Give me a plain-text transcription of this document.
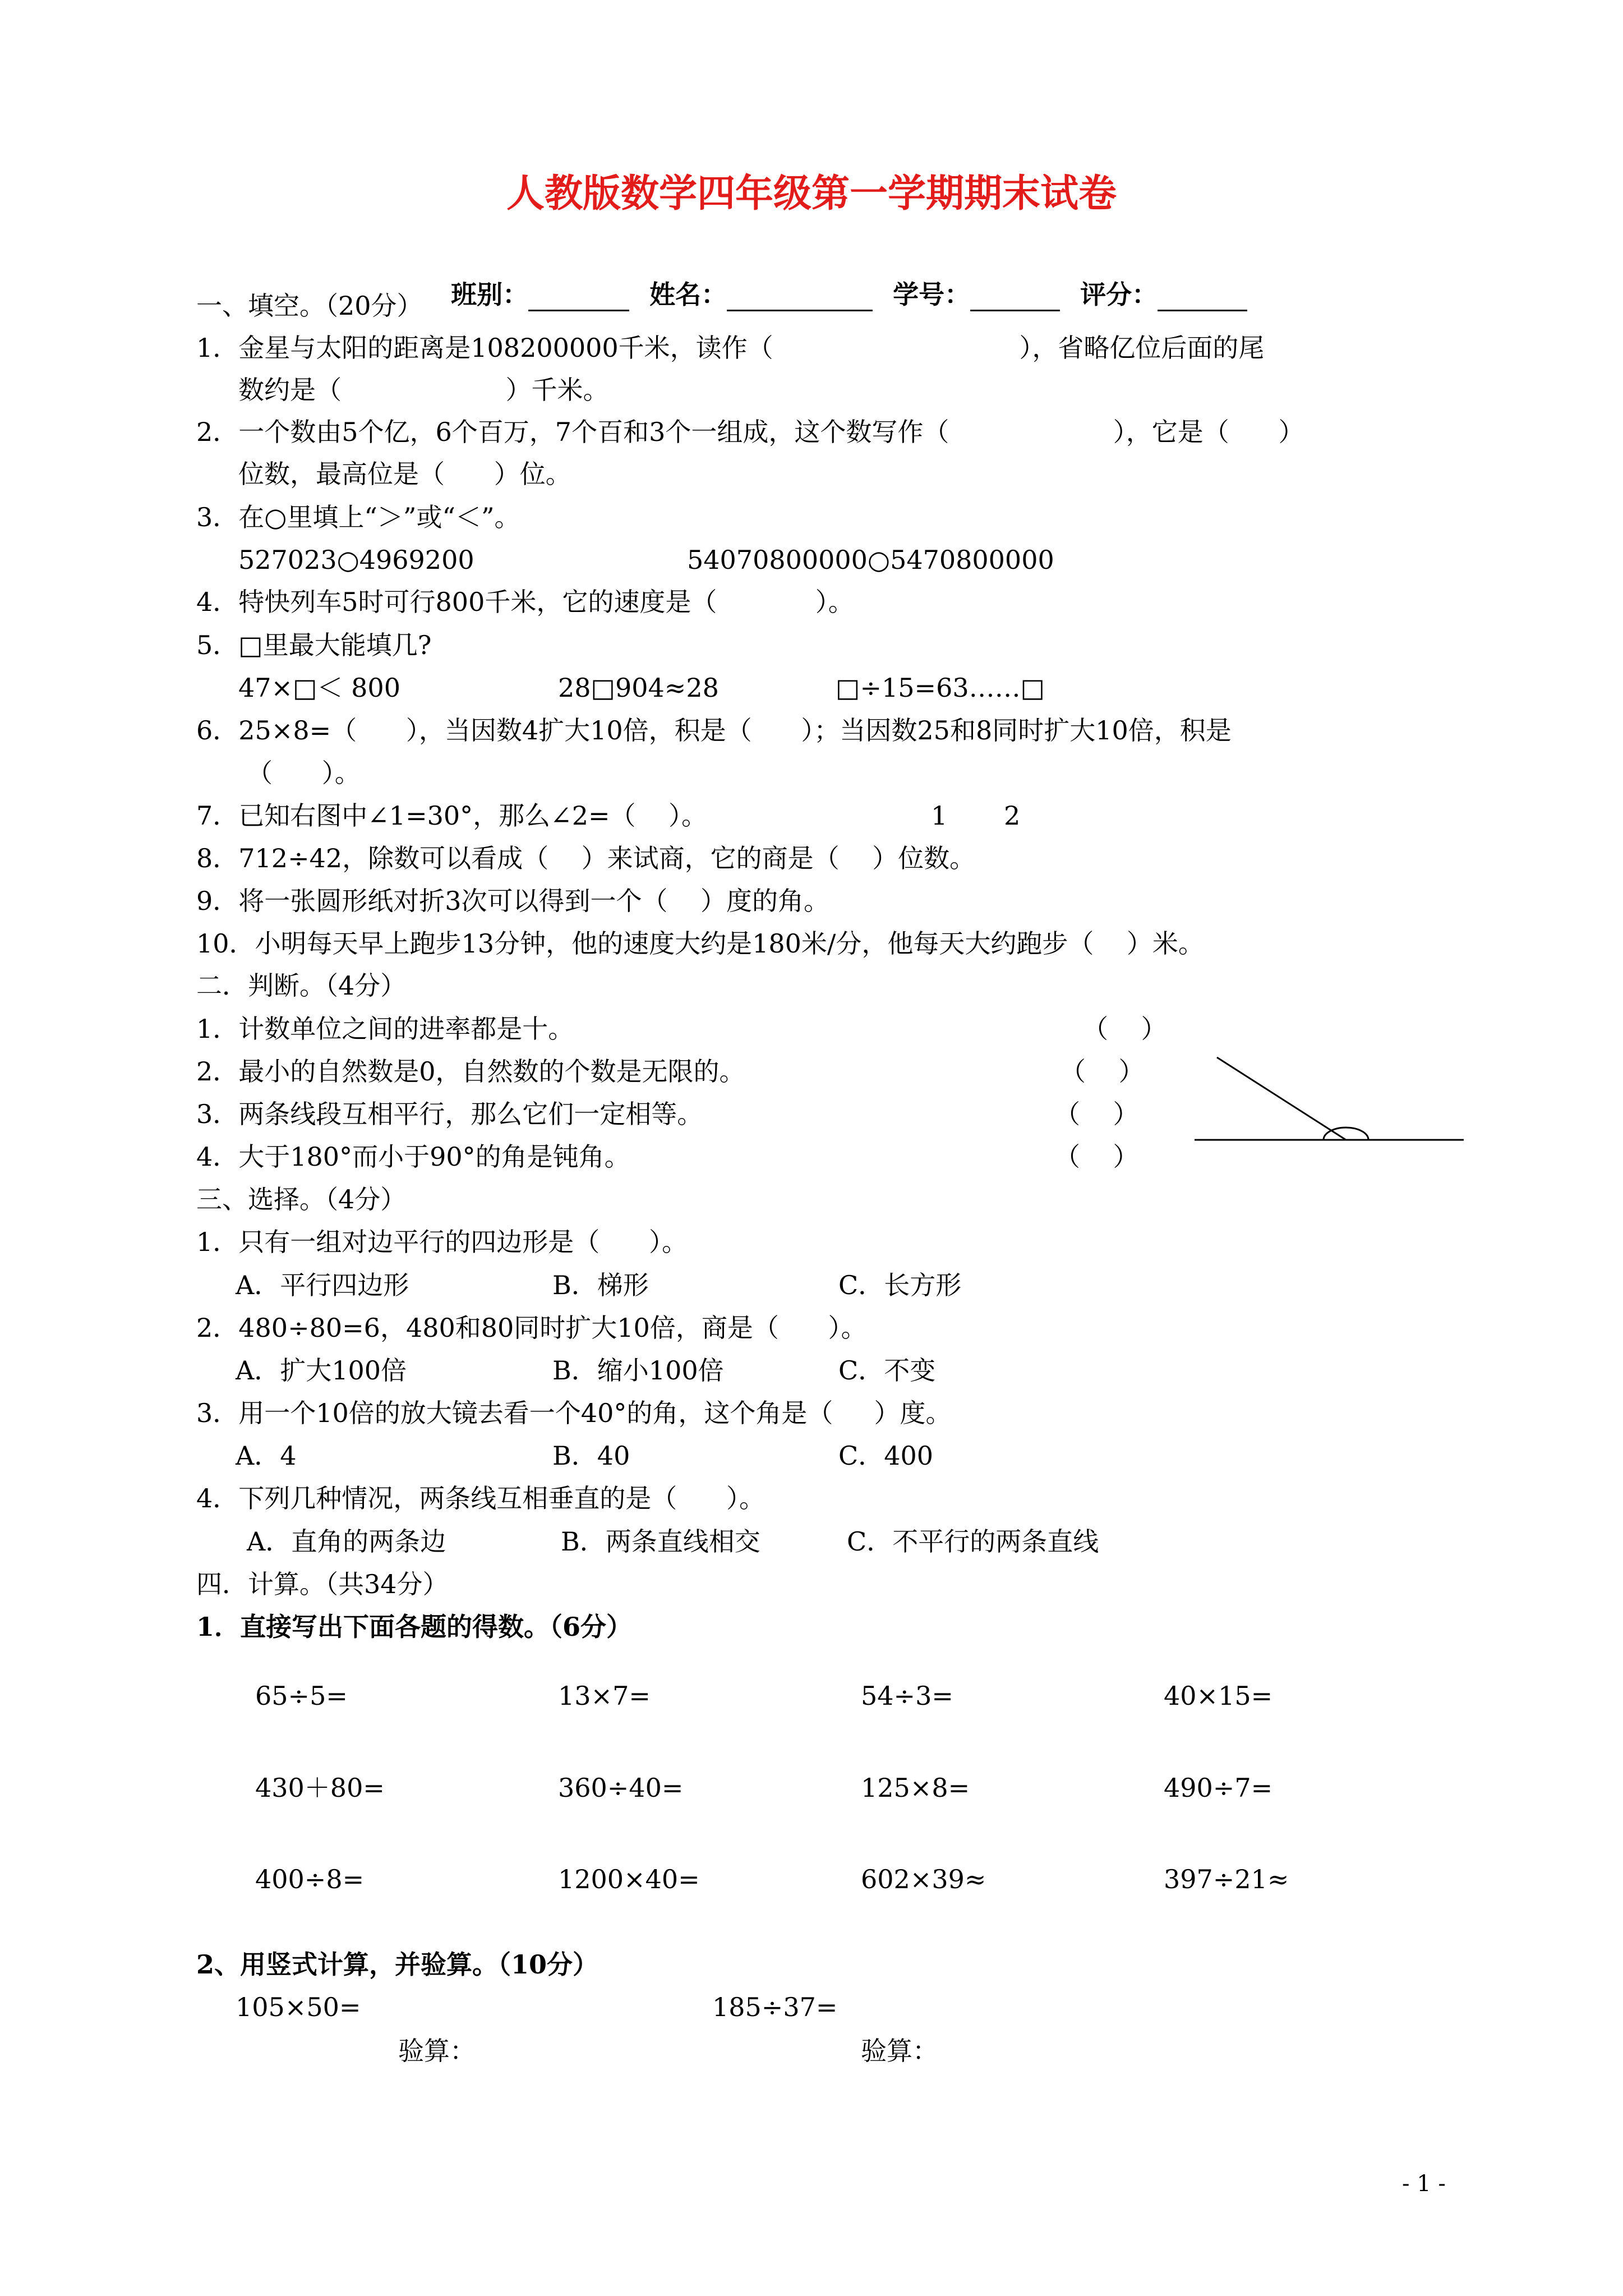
人教版数学四年级第一学期期末试卷

班别：	姓名：	学号：	评分：

一、填空。（20分）
1．金星与太阳的距离是108200000千米，读作（                              ），省略亿位后面的尾
数约是（                    ）千米。
2．一个数由5个亿，6个百万，7个百和3个一组成，这个数写作（                    ），它是（      ）
位数，最高位是（      ）位。
3．在○里填上“＞”或“＜”。
527023○4969200	54070800000○5470800000
4．特快列车5时可行800千米，它的速度是（            ）。
5．□里最大能填几?
47×□＜ 800	28□904≈28	□÷15=63……□
6．25×8=（      ），当因数4扩大10倍，积是（      ）；当因数25和8同时扩大10倍，积是
（      ）。
7．已知右图中∠1=30°，那么∠2=（    ）。	1 2
8．712÷42，除数可以看成（    ）来试商，它的商是（    ）位数。
9．将一张圆形纸对折3次可以得到一个（    ）度的角。
10．小明每天早上跑步13分钟，他的速度大约是180米/分，他每天大约跑步（    ）米。
二．判断。（4分）
1．计数单位之间的进率都是十。	（    ）
2．最小的自然数是0，自然数的个数是无限的。	（    ）
3．两条线段互相平行，那么它们一定相等。	（    ）
4．大于180°而小于90°的角是钝角。	（    ）
三、选择。（4分）
1．只有一组对边平行的四边形是（      ）。
A．平行四边形	B．梯形	C．长方形
2．480÷80=6，480和80同时扩大10倍，商是（      ）。
A．扩大100倍	B．缩小100倍	C．不变
3．用一个10倍的放大镜去看一个40°的角，这个角是（     ）度。
A．4	B．40	C．400
4．下列几种情况，两条线互相垂直的是（      ）。
A．直角的两条边	B．两条直线相交	C．不平行的两条直线
四．计算。（共34分）
1．直接写出下面各题的得数。（6分）
65÷5=	13×7=	54÷3=	40×15=
430＋80=	360÷40=	125×8=	490÷7=
400÷8=	1200×40=	602×39≈	397÷21≈
2、用竖式计算，并验算。（10分）
105×50=	185÷37=
验算：	验算：
- 1 -
